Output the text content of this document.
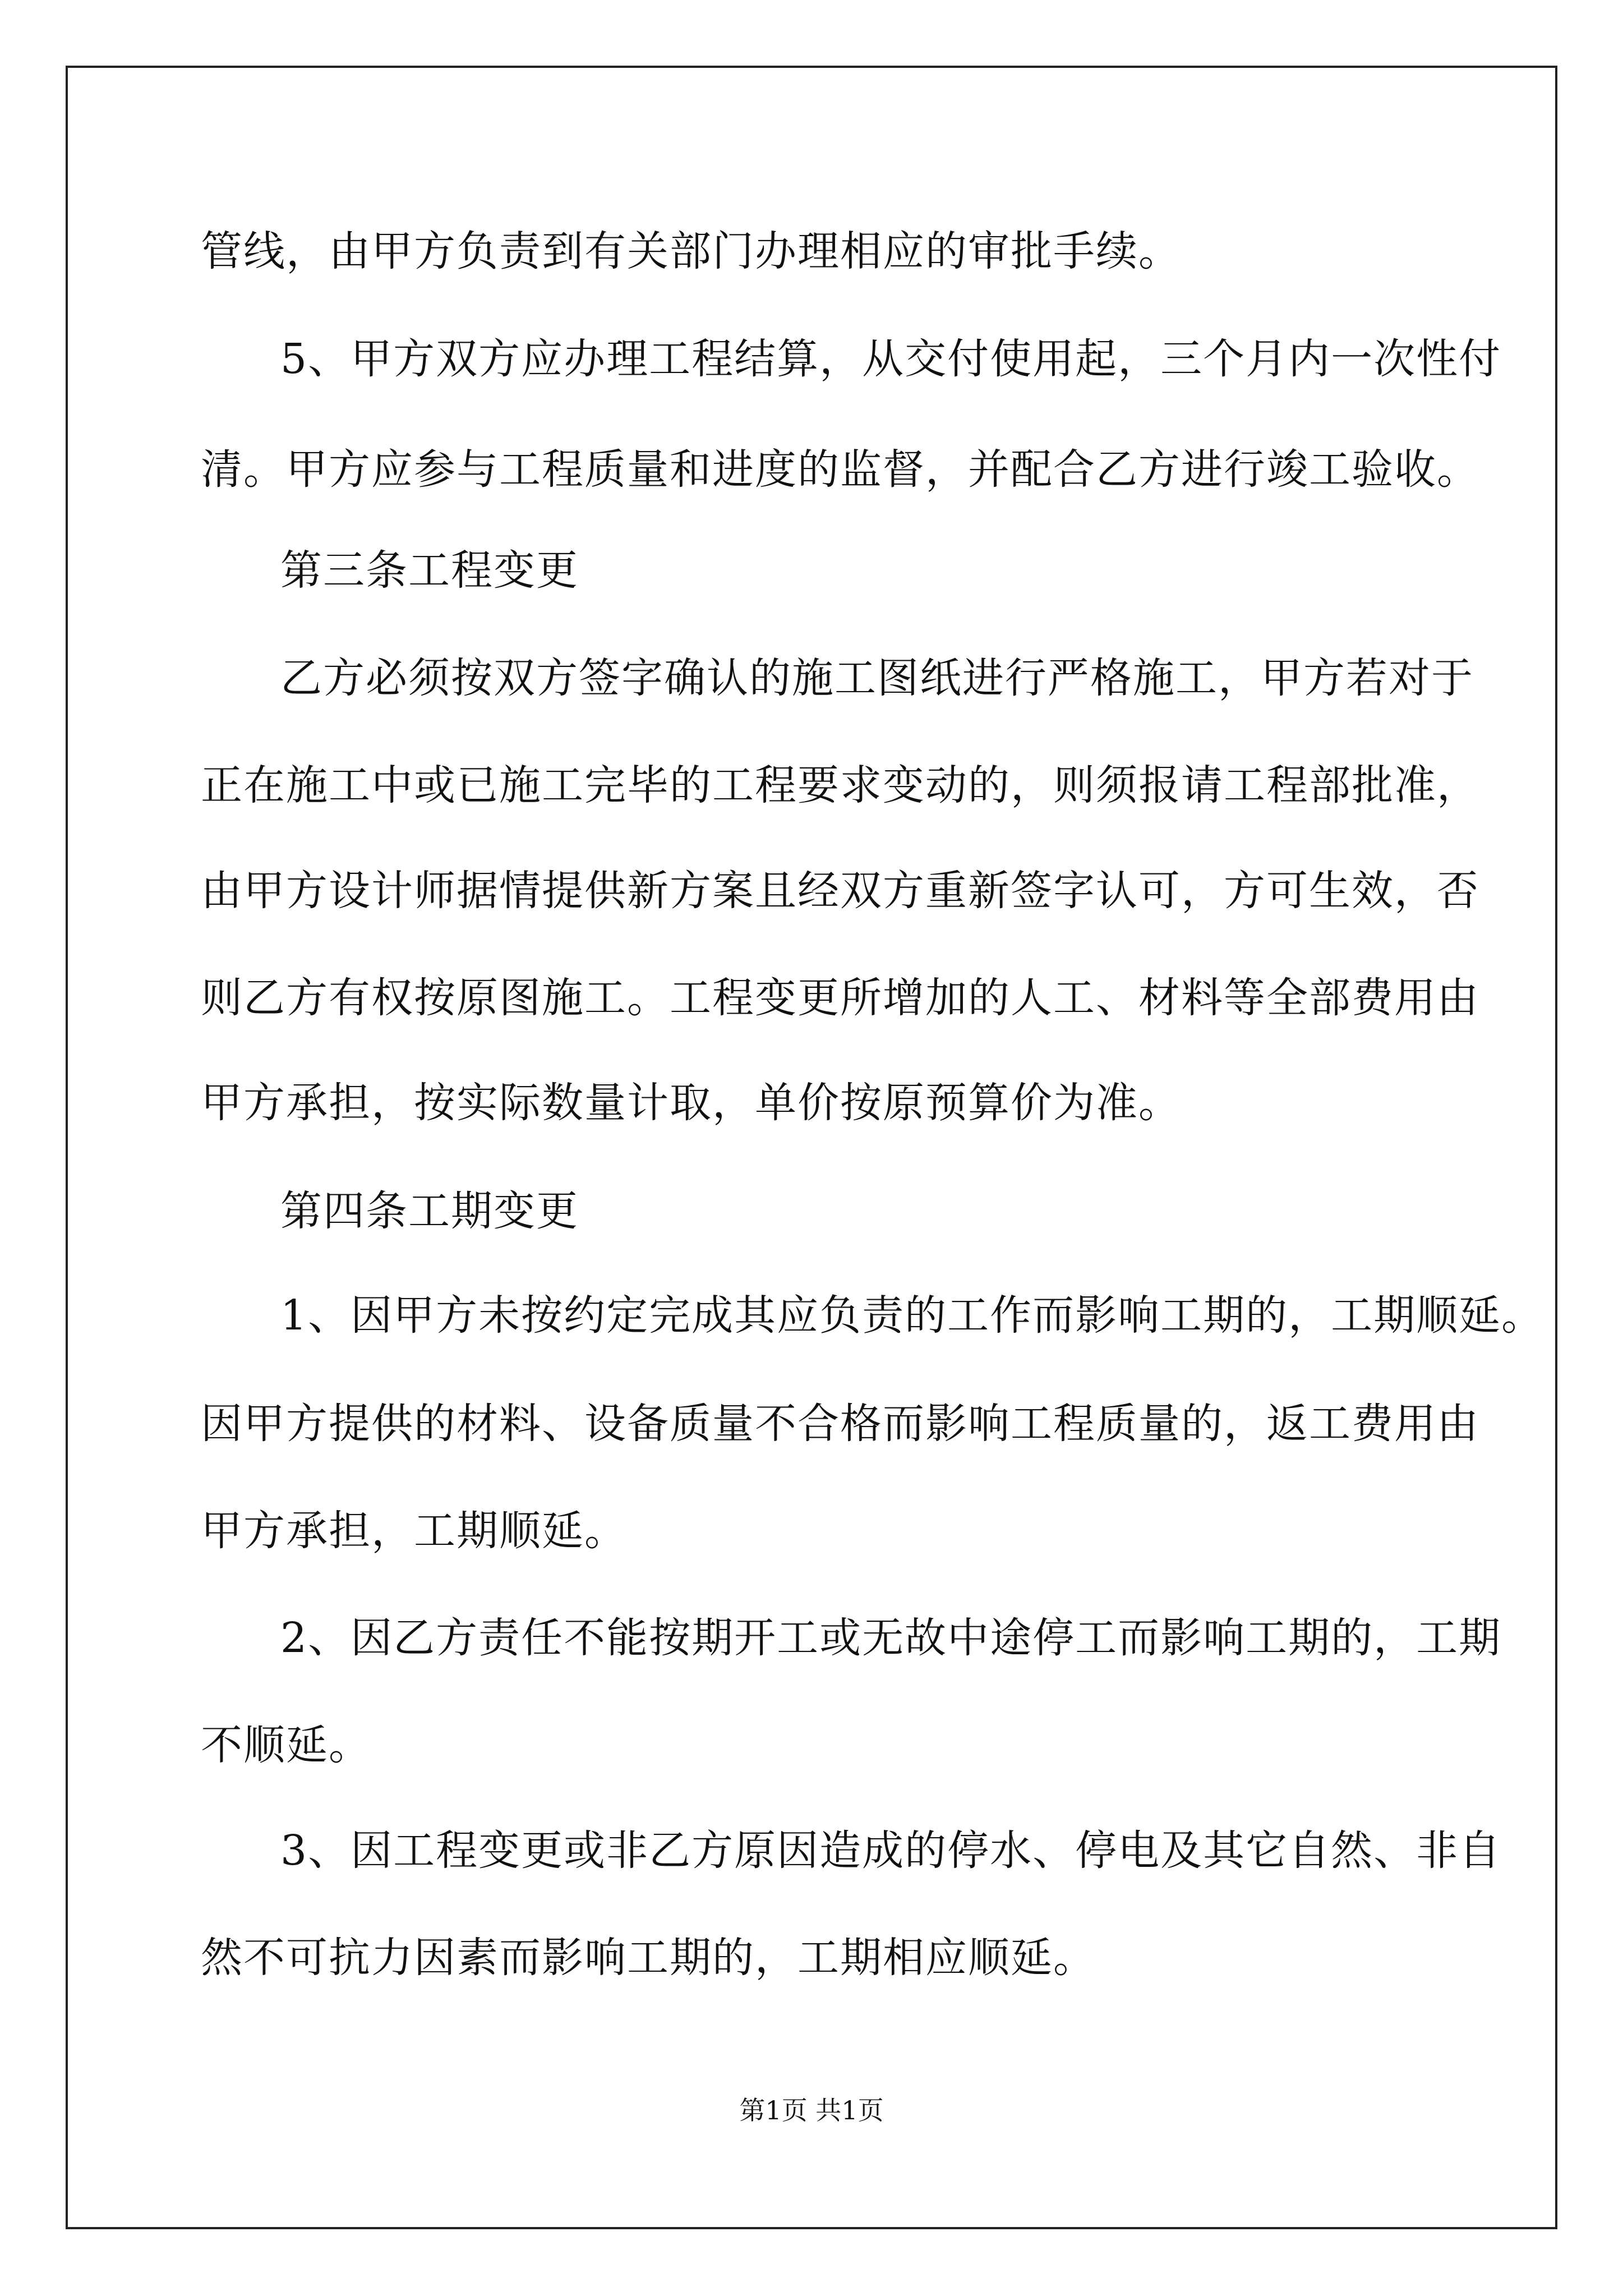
管线，由甲方负责到有关部门办理相应的审批手续。
5、甲方双方应办理工程结算，从交付使用起，三个月内一次性付
清。甲方应参与工程质量和进度的监督，并配合乙方进行竣工验收。
第三条工程变更
乙方必须按双方签字确认的施工图纸进行严格施工，甲方若对于
正在施工中或已施工完毕的工程要求变动的，则须报请工程部批准，
由甲方设计师据情提供新方案且经双方重新签字认可，方可生效，否
则乙方有权按原图施工。工程变更所增加的人工、材料等全部费用由
甲方承担，按实际数量计取，单价按原预算价为准。
第四条工期变更
1、因甲方未按约定完成其应负责的工作而影响工期的，工期顺延。
因甲方提供的材料、设备质量不合格而影响工程质量的，返工费用由
甲方承担，工期顺延。
2、因乙方责任不能按期开工或无故中途停工而影响工期的，工期
不顺延。
3、因工程变更或非乙方原因造成的停水、停电及其它自然、非自
然不可抗力因素而影响工期的，工期相应顺延。
第1页 共1页
